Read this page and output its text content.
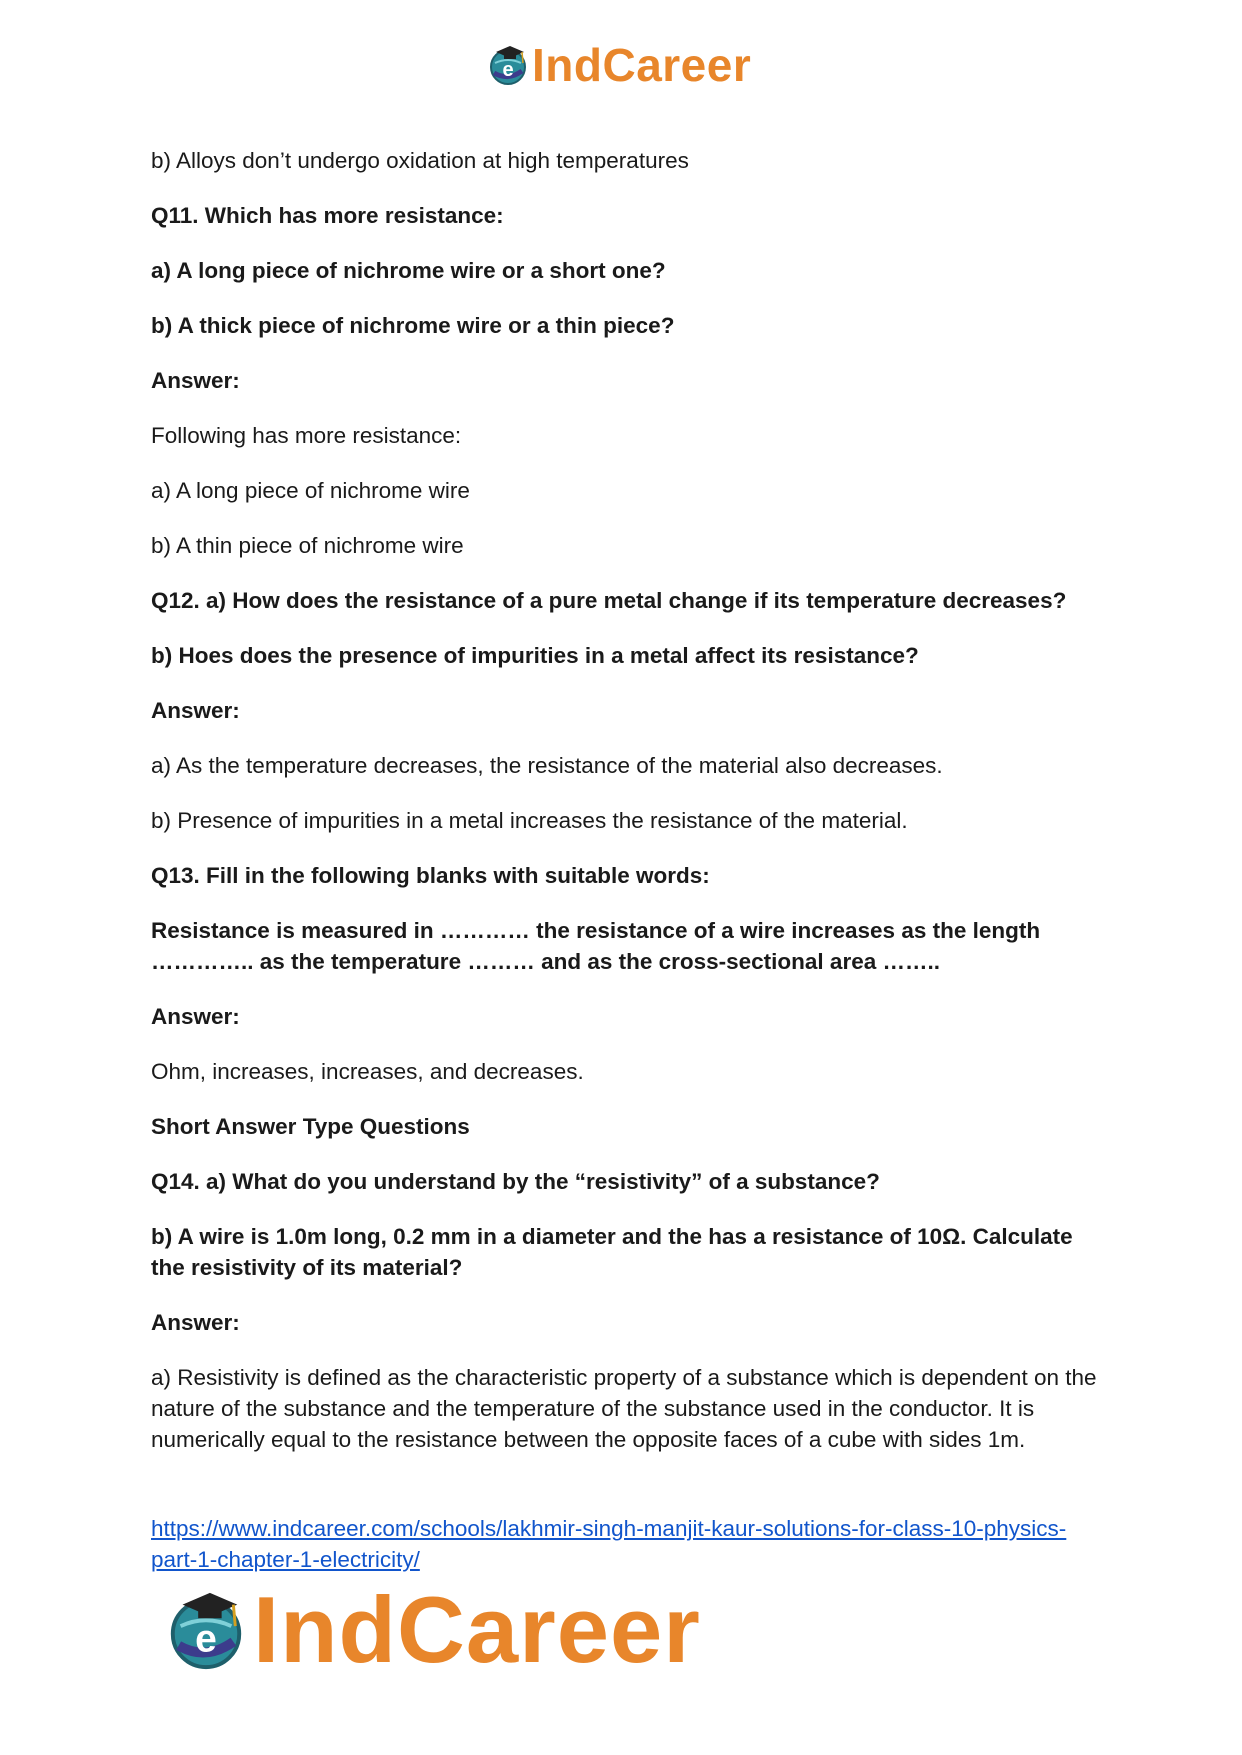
e IndCareer

b) Alloys don’t undergo oxidation at high temperatures

Q11. Which has more resistance:

a) A long piece of nichrome wire or a short one?

b) A thick piece of nichrome wire or a thin piece?

Answer:

Following has more resistance:

a) A long piece of nichrome wire

b) A thin piece of nichrome wire

Q12. a) How does the resistance of a pure metal change if its temperature decreases?

b) Hoes does the presence of impurities in a metal affect its resistance?

Answer:

a) As the temperature decreases, the resistance of the material also decreases.

b) Presence of impurities in a metal increases the resistance of the material.

Q13. Fill in the following blanks with suitable words:

Resistance is measured in ………… the resistance of a wire increases as the length ………….. as the temperature ……… and as the cross-sectional area ……..

Answer:

Ohm, increases, increases, and decreases.

Short Answer Type Questions

Q14. a) What do you understand by the “resistivity” of a substance?

b) A wire is 1.0m long, 0.2 mm in a diameter and the has a resistance of 10Ω. Calculate the resistivity of its material?

Answer:

a) Resistivity is defined as the characteristic property of a substance which is dependent on the nature of the substance and the temperature of the substance used in the conductor. It is numerically equal to the resistance between the opposite faces of a cube with sides 1m.

https://www.indcareer.com/schools/lakhmir-singh-manjit-kaur-solutions-for-class-10-physics-part-1-chapter-1-electricity/
e IndCareer
